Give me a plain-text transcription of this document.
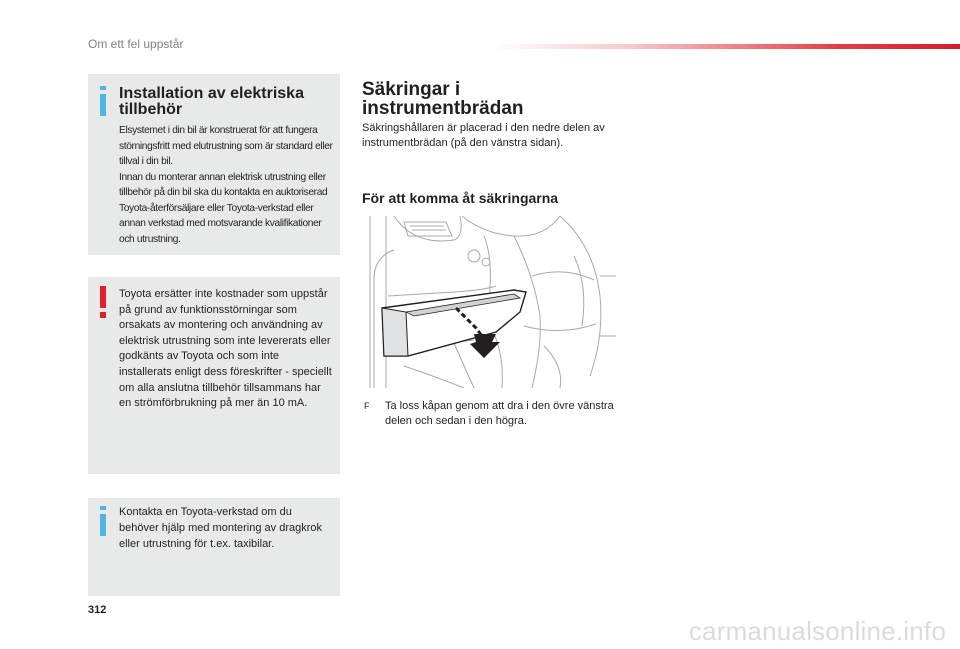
Om ett fel uppstår
Installation av elektriska tillbehör

Elsystemet i din bil är konstruerat för att fungera störningsfritt med elutrustning som är standard eller tillval i din bil.

Innan du monterar annan elektrisk utrustning eller tillbehör på din bil ska du kontakta en auktoriserad Toyota-återförsäljare eller Toyota-verkstad eller annan verkstad med motsvarande kvalifikationer och utrustning.

Toyota ersätter inte kostnader som uppstår på grund av funktionsstörningar som orsakats av montering och användning av elektrisk utrustning som inte levererats eller godkänts av Toyota och som inte installerats enligt dess föreskrifter - speciellt om alla anslutna tillbehör tillsammans har en strömförbrukning på mer än 10 mA.
Kontakta en Toyota-verkstad om du behöver hjälp med montering av dragkrok eller utrustning för t.ex. taxibilar.
Säkringar i
instrumentbrädan
Säkringshållaren är placerad i den nedre delen av instrumentbrädan (på den vänstra sidan).
För att komma åt säkringarna
F Ta loss kåpan genom att dra i den övre vänstra delen och sedan i den högra.
312
carmanualsonline.info
